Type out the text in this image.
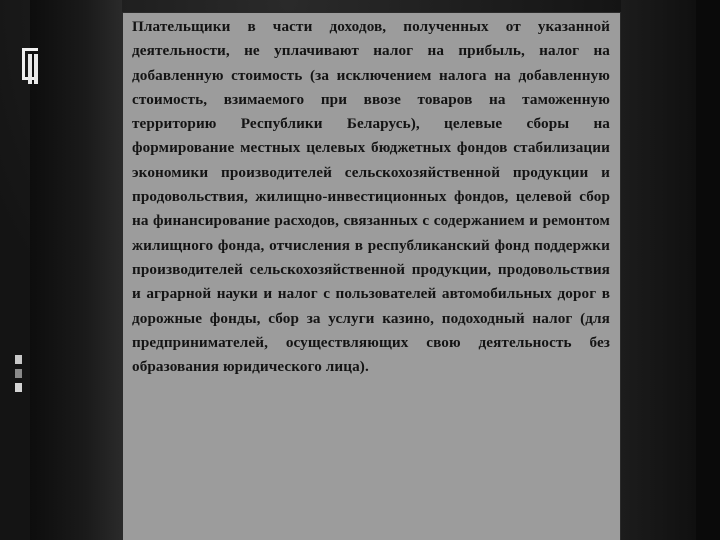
Плательщики в части доходов, полученных от указанной деятельности, не уплачивают налог на прибыль, налог на добавленную стоимость (за исключением налога на добавленную стоимость, взимаемого при ввозе товаров на таможенную территорию Республики Беларусь), целевые сборы на формирование местных целевых бюджетных фондов стабилизации экономики производителей сельскохозяйственной продукции и продовольствия, жилищно-инвестиционных фондов, целевой сбор на финансирование расходов, связанных с содержанием и ремонтом жилищного фонда, отчисления в республиканский фонд поддержки производителей сельскохозяйственной продукции, продовольствия и аграрной науки и налог с пользователей автомобильных дорог в дорожные фонды, сбор за услуги казино, подоходный налог (для предпринимателей, осуществляющих свою деятельность без образования юридического лица).
